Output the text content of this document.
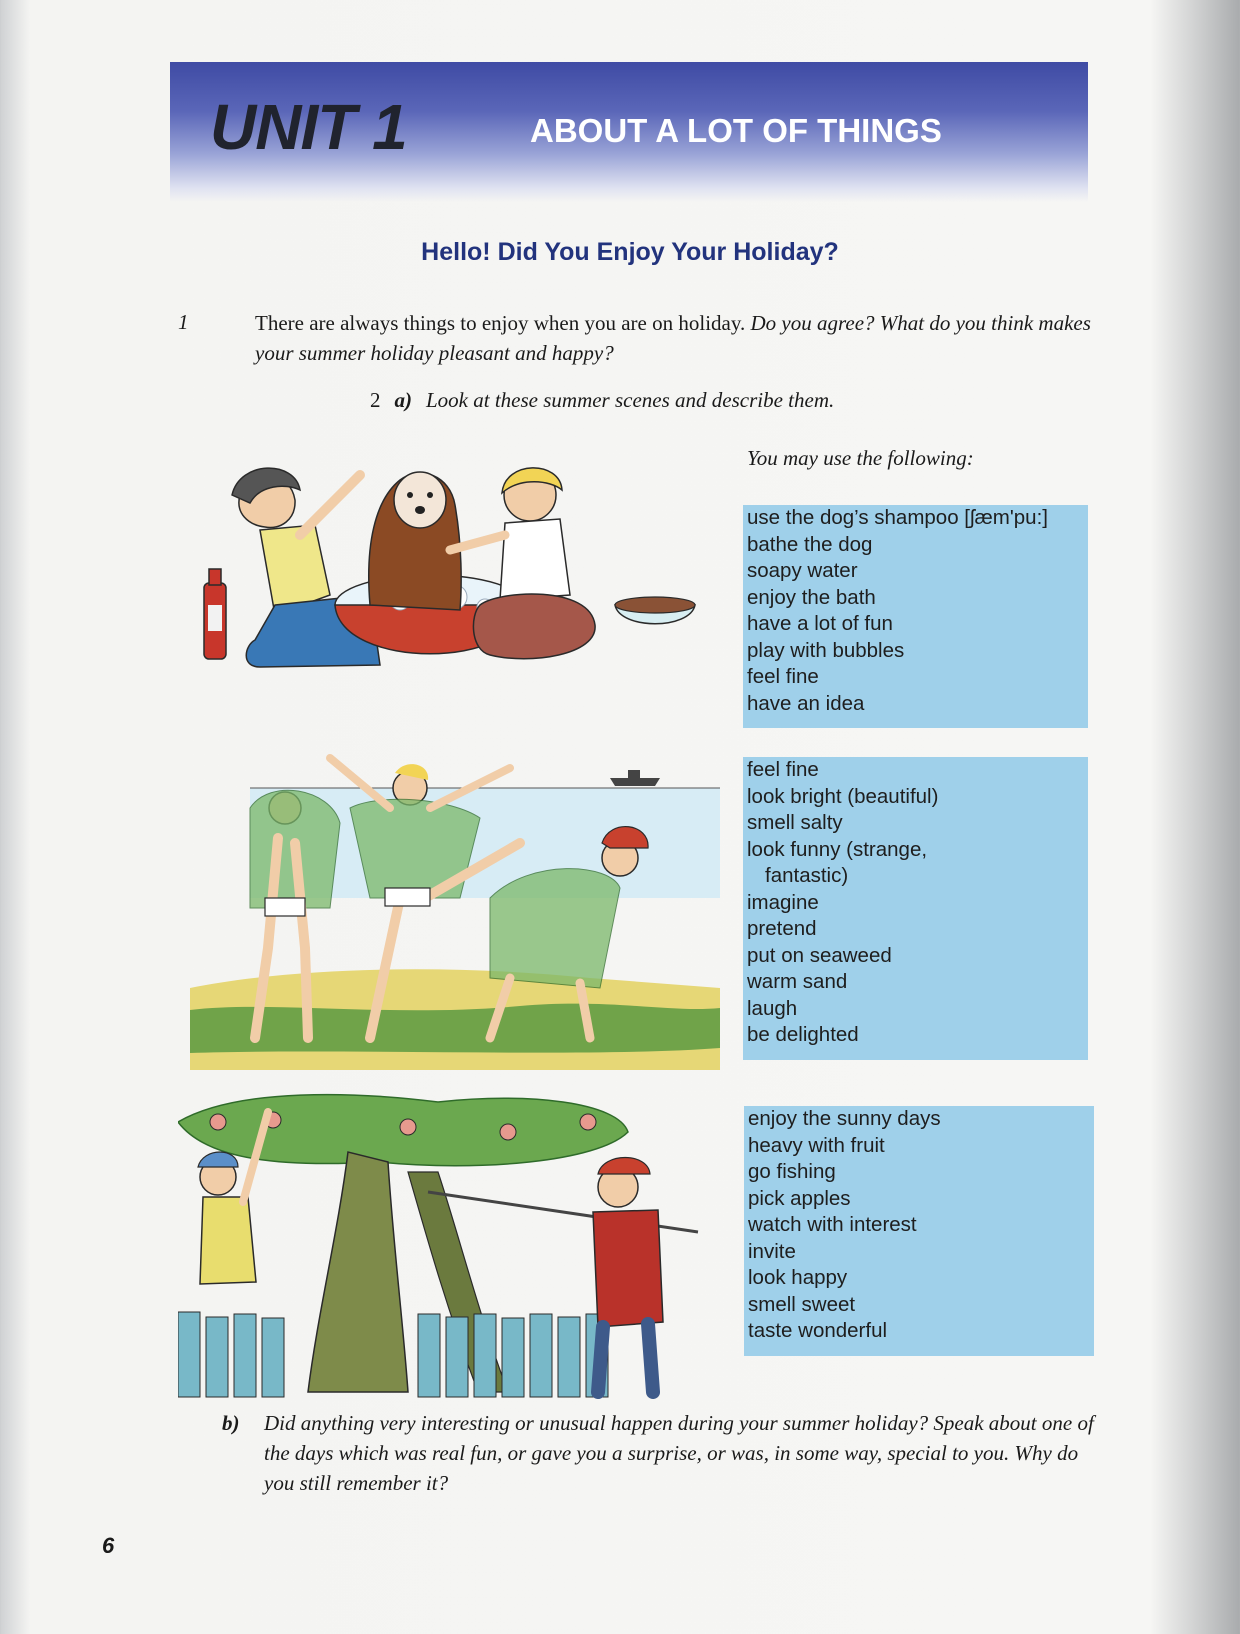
UNIT 1	ABOUT A LOT OF THINGS
Hello! Did You Enjoy Your Holiday?
1	There are always things to enjoy when you are on holiday. Do you agree? What do you think makes your summer holiday pleasant and happy?

2 a) Look at these summer scenes and describe them.
You may use the following:
use the dog’s shampoo [ʃæm'pu:]
bathe the dog
soapy water
enjoy the bath
have a lot of fun
play with bubbles
feel fine
have an idea
feel fine
look bright (beautiful)
smell salty
look funny (strange,
fantastic)
imagine
pretend
put on seaweed
warm sand
laugh
be delighted
enjoy the sunny days
heavy with fruit
go fishing
pick apples
watch with interest
invite
look happy
smell sweet
taste wonderful

b) Did anything very interesting or unusual happen during your summer holiday? Speak about one of the days which was real fun, or gave you a surprise, or was, in some way, special to you. Why do you still remember it?

6
